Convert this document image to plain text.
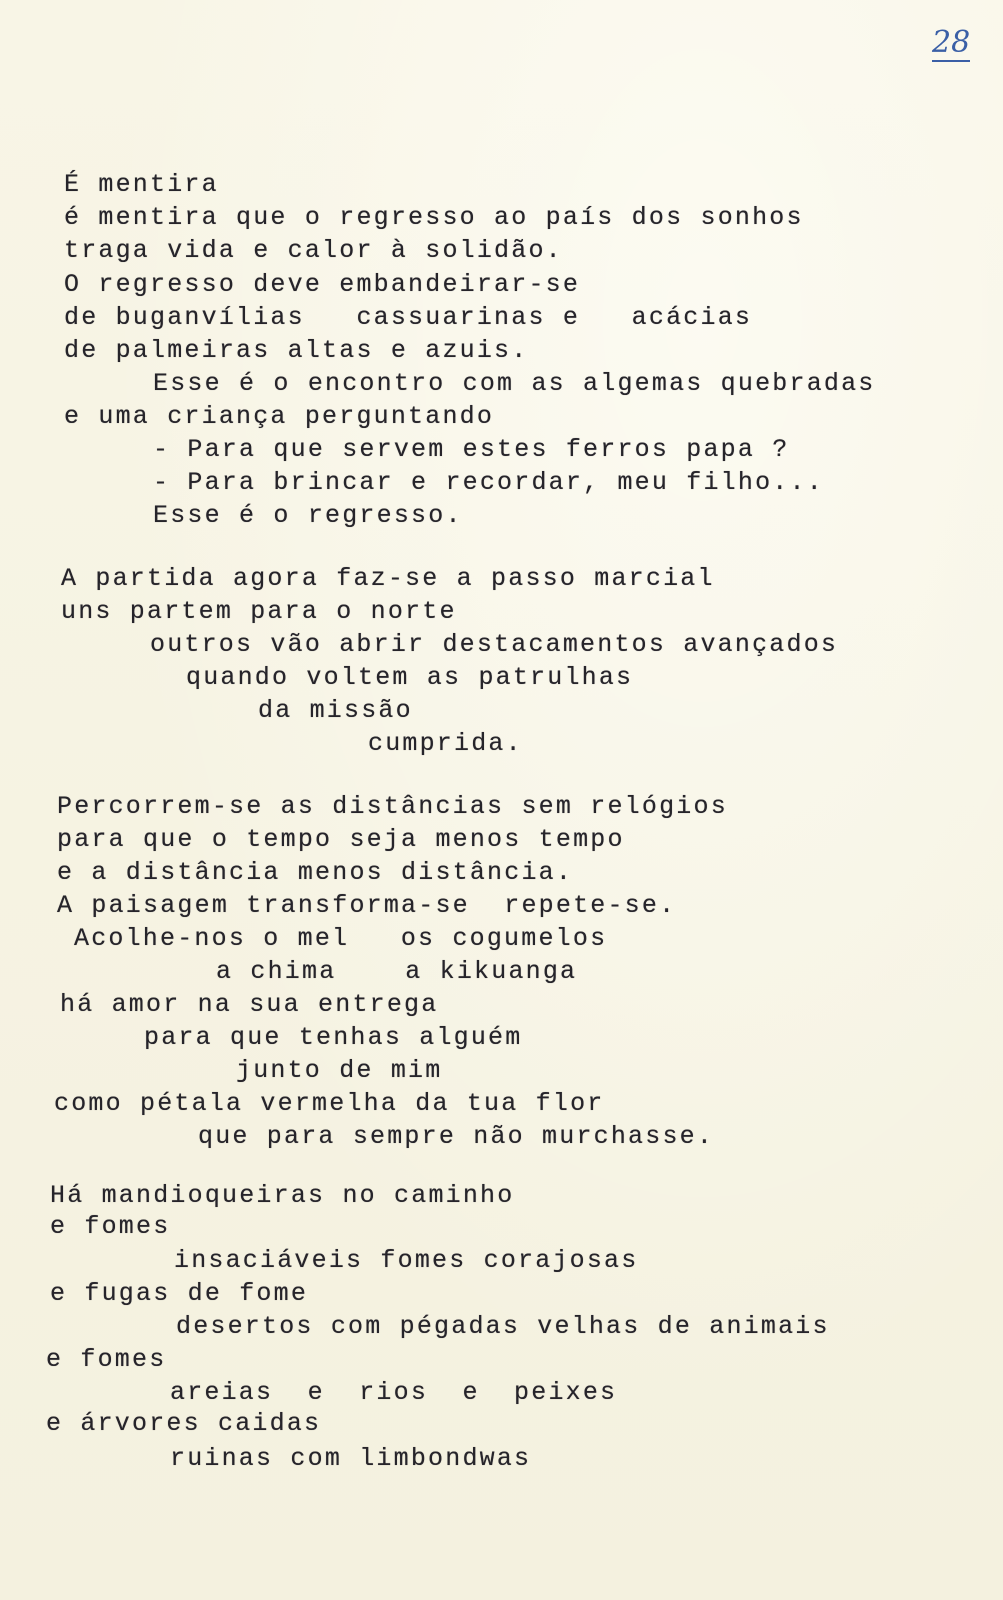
28
É mentira
é mentira que o regresso ao país dos sonhos
traga vida e calor à solidão.
O regresso deve embandeirar-se
de buganvílias   cassuarinas e   acácias
de palmeiras altas e azuis.
Esse é o encontro com as algemas quebradas
e uma criança perguntando
- Para que servem estes ferros papa ?
- Para brincar e recordar, meu filho...
Esse é o regresso.
A partida agora faz-se a passo marcial
uns partem para o norte
outros vão abrir destacamentos avançados
quando voltem as patrulhas
da missão
cumprida.
Percorrem-se as distâncias sem relógios
para que o tempo seja menos tempo
e a distância menos distância.
A paisagem transforma-se  repete-se.
Acolhe-nos o mel   os cogumelos
a chima    a kikuanga
há amor na sua entrega
para que tenhas alguém
junto de mim
como pétala vermelha da tua flor
que para sempre não murchasse.
Há mandioqueiras no caminho
e fomes
insaciáveis fomes corajosas
e fugas de fome
desertos com pégadas velhas de animais
e fomes
areias  e  rios  e  peixes
e árvores caidas
ruinas com limbondwas
